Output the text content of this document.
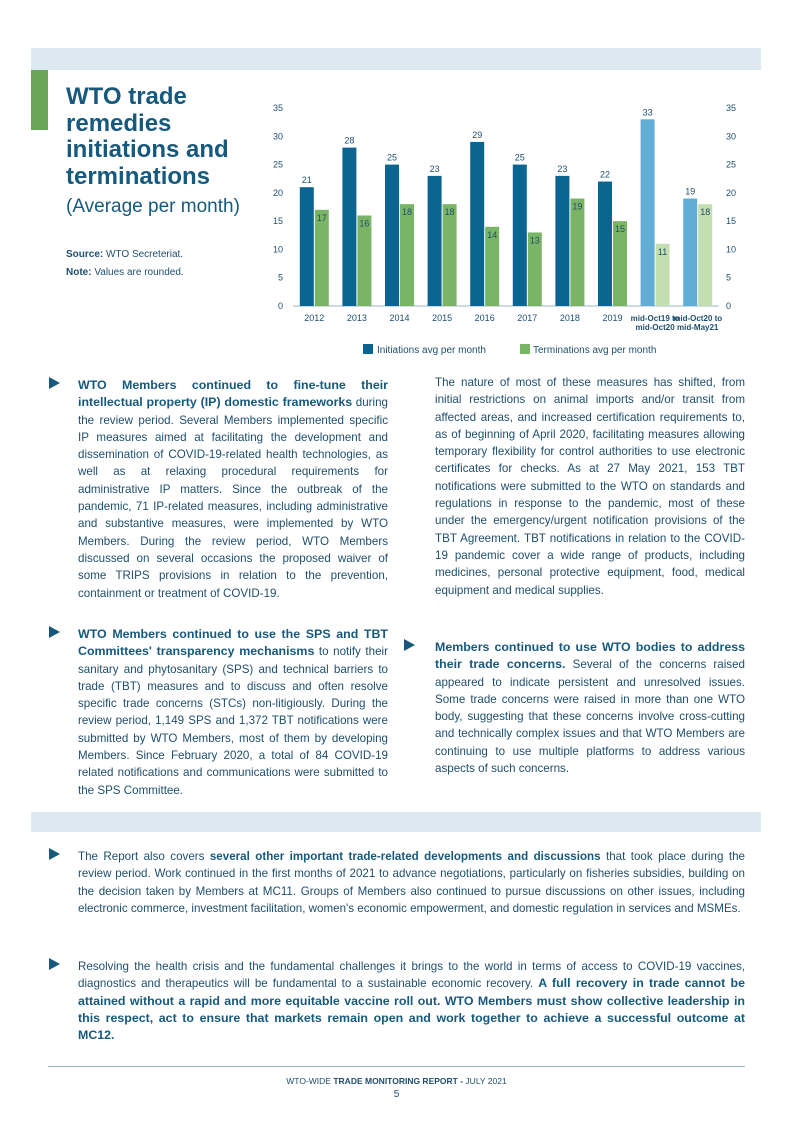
WTO trade remedies initiations and terminations
(Average per month)
Source: WTO Secreteriat.
Note: Values are rounded.
0	0
5	5
10	10
15	15
20	20
25	25
30	30
35	35
21
17
2012
28
16
2013
25
18
2014
23
18
2015
29
14
2016
25
13
2017
23
19
2018
22
15
2019
33
11
mid-Oct19 to
mid-Oct20
19
18
mid-Oct20 to
mid-May21
Initiations avg per month	Terminations avg per month

WTO Members continued to fine-tune their intellectual property (IP) domestic frameworks during the review period. Several Members implemented specific IP measures aimed at facilitating the development and dissemination of COVID-19-related health technologies, as well as at relaxing procedural requirements for administrative IP matters. Since the outbreak of the pandemic, 71 IP-related measures, including administrative and substantive measures, were implemented by WTO Members. During the review period, WTO Members discussed on several occasions the proposed waiver of some TRIPS provisions in relation to the prevention, containment or treatment of COVID-19.

WTO Members continued to use the SPS and TBT Committees' transparency mechanisms to notify their sanitary and phytosanitary (SPS) and technical barriers to trade (TBT) measures and to discuss and often resolve specific trade concerns (STCs) non-litigiously. During the review period, 1,149 SPS and 1,372 TBT notifications were submitted by WTO Members, most of them by developing Members. Since February 2020, a total of 84 COVID-19 related notifications and communications were submitted to the SPS Committee.

The nature of most of these measures has shifted, from initial restrictions on animal imports and/or transit from affected areas, and increased certification requirements to, as of beginning of April 2020, facilitating measures allowing temporary flexibility for control authorities to use electronic certificates for checks. As at 27 May 2021, 153 TBT notifications were submitted to the WTO on standards and regulations in response to the pandemic, most of these under the emergency/urgent notification provisions of the TBT Agreement. TBT notifications in relation to the COVID-19 pandemic cover a wide range of products, including medicines, personal protective equipment, food, medical equipment and medical supplies.

Members continued to use WTO bodies to address their trade concerns. Several of the concerns raised appeared to indicate persistent and unresolved issues. Some trade concerns were raised in more than one WTO body, suggesting that these concerns involve cross-cutting and technically complex issues and that WTO Members are continuing to use multiple platforms to address various aspects of such concerns.

The Report also covers several other important trade-related developments and discussions that took place during the review period. Work continued in the first months of 2021 to advance negotiations, particularly on fisheries subsidies, building on the decision taken by Members at MC11. Groups of Members also continued to pursue discussions on other issues, including electronic commerce, investment facilitation, women's economic empowerment, and domestic regulation in services and MSMEs.

Resolving the health crisis and the fundamental challenges it brings to the world in terms of access to COVID-19 vaccines, diagnostics and therapeutics will be fundamental to a sustainable economic recovery. A full recovery in trade cannot be attained without a rapid and more equitable vaccine roll out. WTO Members must show collective leadership in this respect, act to ensure that markets remain open and work together to achieve a successful outcome at MC12.

WTO-WIDE TRADE MONITORING REPORT - JULY 2021
5
